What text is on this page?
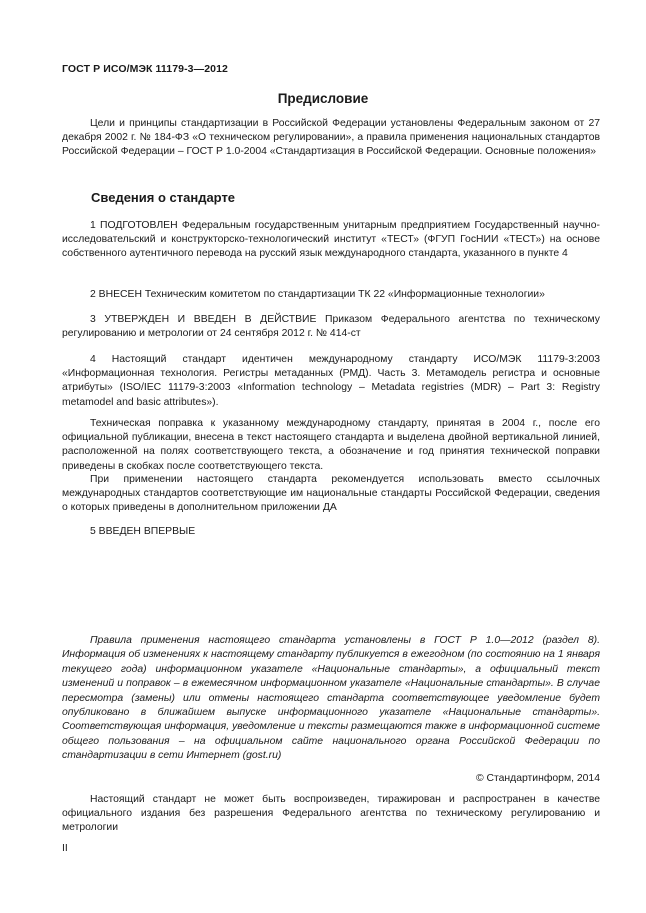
ГОСТ Р ИСО/МЭК 11179-3—2012
Предисловие
Цели и принципы стандартизации в Российской Федерации установлены Федеральным законом от 27 декабря 2002 г. № 184-ФЗ «О техническом регулировании», а правила применения национальных стандартов Российской Федерации – ГОСТ Р 1.0-2004 «Стандартизация в Российской Федерации. Основные положения»
Сведения о стандарте
1 ПОДГОТОВЛЕН Федеральным государственным унитарным предприятием Государственный научно-исследовательский и конструкторско-технологический институт «ТЕСТ» (ФГУП ГосНИИ «ТЕСТ») на основе собственного аутентичного перевода на русский язык международного стандарта, указанного в пункте 4
2 ВНЕСЕН Техническим комитетом по стандартизации ТК 22 «Информационные технологии»
3 УТВЕРЖДЕН И ВВЕДЕН В ДЕЙСТВИЕ Приказом Федерального агентства по техническому регулированию и метрологии от 24 сентября 2012 г. № 414-ст
4 Настоящий стандарт идентичен международному стандарту ИСО/МЭК 11179-3:2003 «Информационная технология. Регистры метаданных (РМД). Часть 3. Метамодель регистра и основные атрибуты» (ISO/IEC 11179-3:2003 «Information technology – Metadata registries (MDR) – Part 3: Registry metamodel and basic attributes»).
Техническая поправка к указанному международному стандарту, принятая в 2004 г., после его официальной публикации, внесена в текст настоящего стандарта и выделена двойной вертикальной линией, расположенной на полях соответствующего текста, а обозначение и год принятия технической поправки приведены в скобках после соответствующего текста.
При применении настоящего стандарта рекомендуется использовать вместо ссылочных международных стандартов соответствующие им национальные стандарты Российской Федерации, сведения о которых приведены в дополнительном приложении ДА
5 ВВЕДЕН ВПЕРВЫЕ
Правила применения настоящего стандарта установлены в ГОСТ Р 1.0—2012 (раздел 8). Информация об изменениях к настоящему стандарту публикуется в ежегодном (по состоянию на 1 января текущего года) информационном указателе «Национальные стандарты», а официальный текст изменений и поправок – в ежемесячном информационном указателе «Национальные стандарты». В случае пересмотра (замены) или отмены настоящего стандарта соответствующее уведомление будет опубликовано в ближайшем выпуске информационного указателе «Национальные стандарты». Соответствующая информация, уведомление и тексты размещаются также в информационной системе общего пользования – на официальном сайте национального органа Российской Федерации по стандартизации в сети Интернет (gost.ru)
© Стандартинформ, 2014
Настоящий стандарт не может быть воспроизведен, тиражирован и распространен в качестве официального издания без разрешения Федерального агентства по техническому регулированию и метрологии
II
